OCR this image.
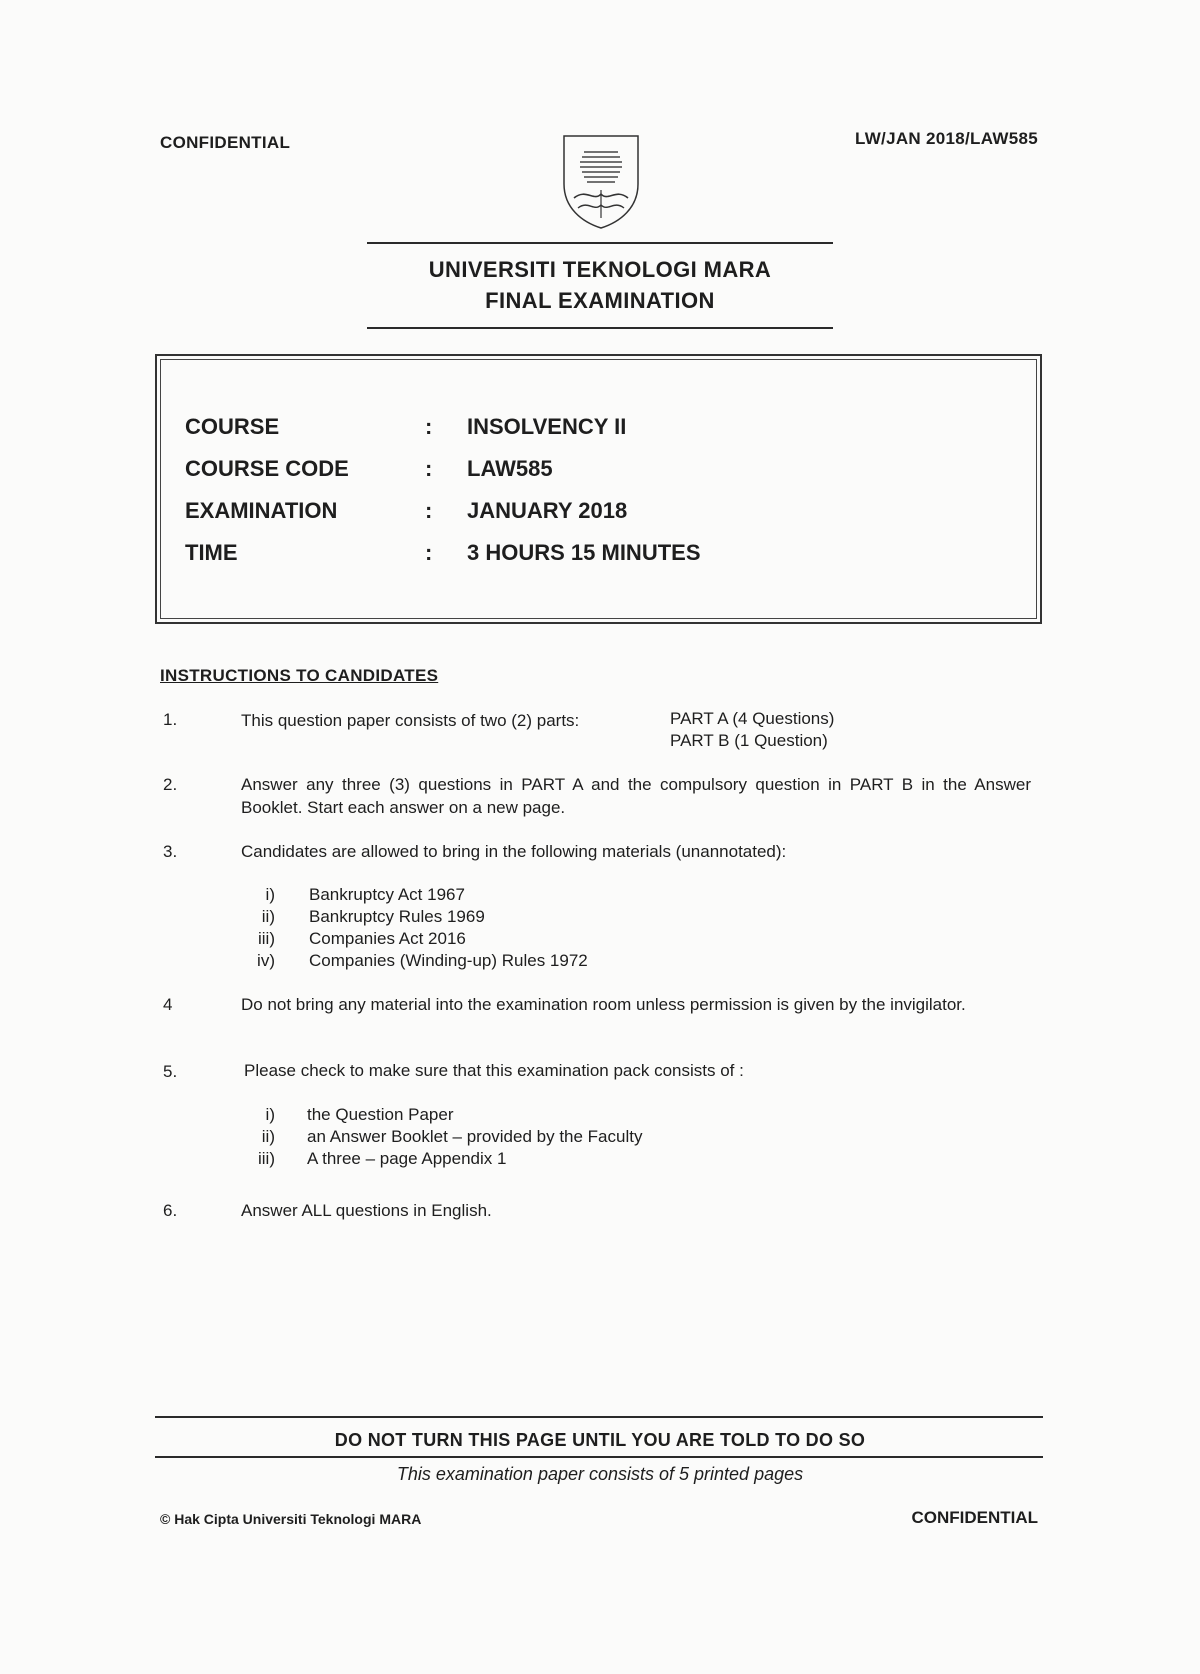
CONFIDENTIAL	LW/JAN 2018/LAW585
UNIVERSITI TEKNOLOGI MARA
FINAL EXAMINATION
COURSE	:	INSOLVENCY II
COURSE CODE	:	LAW585
EXAMINATION	:	JANUARY 2018
TIME	:	3 HOURS 15 MINUTES
INSTRUCTIONS TO CANDIDATES
1.	This question paper consists of two (2) parts:	PART A (4 Questions)
PART B (1 Question)
2.	Answer any three (3) questions in PART A and the compulsory question in PART B in the Answer Booklet. Start each answer on a new page.
3.	Candidates are allowed to bring in the following materials (unannotated):
i) Bankruptcy Act 1967
ii) Bankruptcy Rules 1969
iii) Companies Act 2016
iv) Companies (Winding-up) Rules 1972
4	Do not bring any material into the examination room unless permission is given by the invigilator.
5.	Please check to make sure that this examination pack consists of :
i) the Question Paper
ii) an Answer Booklet – provided by the Faculty
iii) A three – page Appendix 1
6.	Answer ALL questions in English.
DO NOT TURN THIS PAGE UNTIL YOU ARE TOLD TO DO SO
This examination paper consists of 5 printed pages
© Hak Cipta Universiti Teknologi MARA	CONFIDENTIAL
